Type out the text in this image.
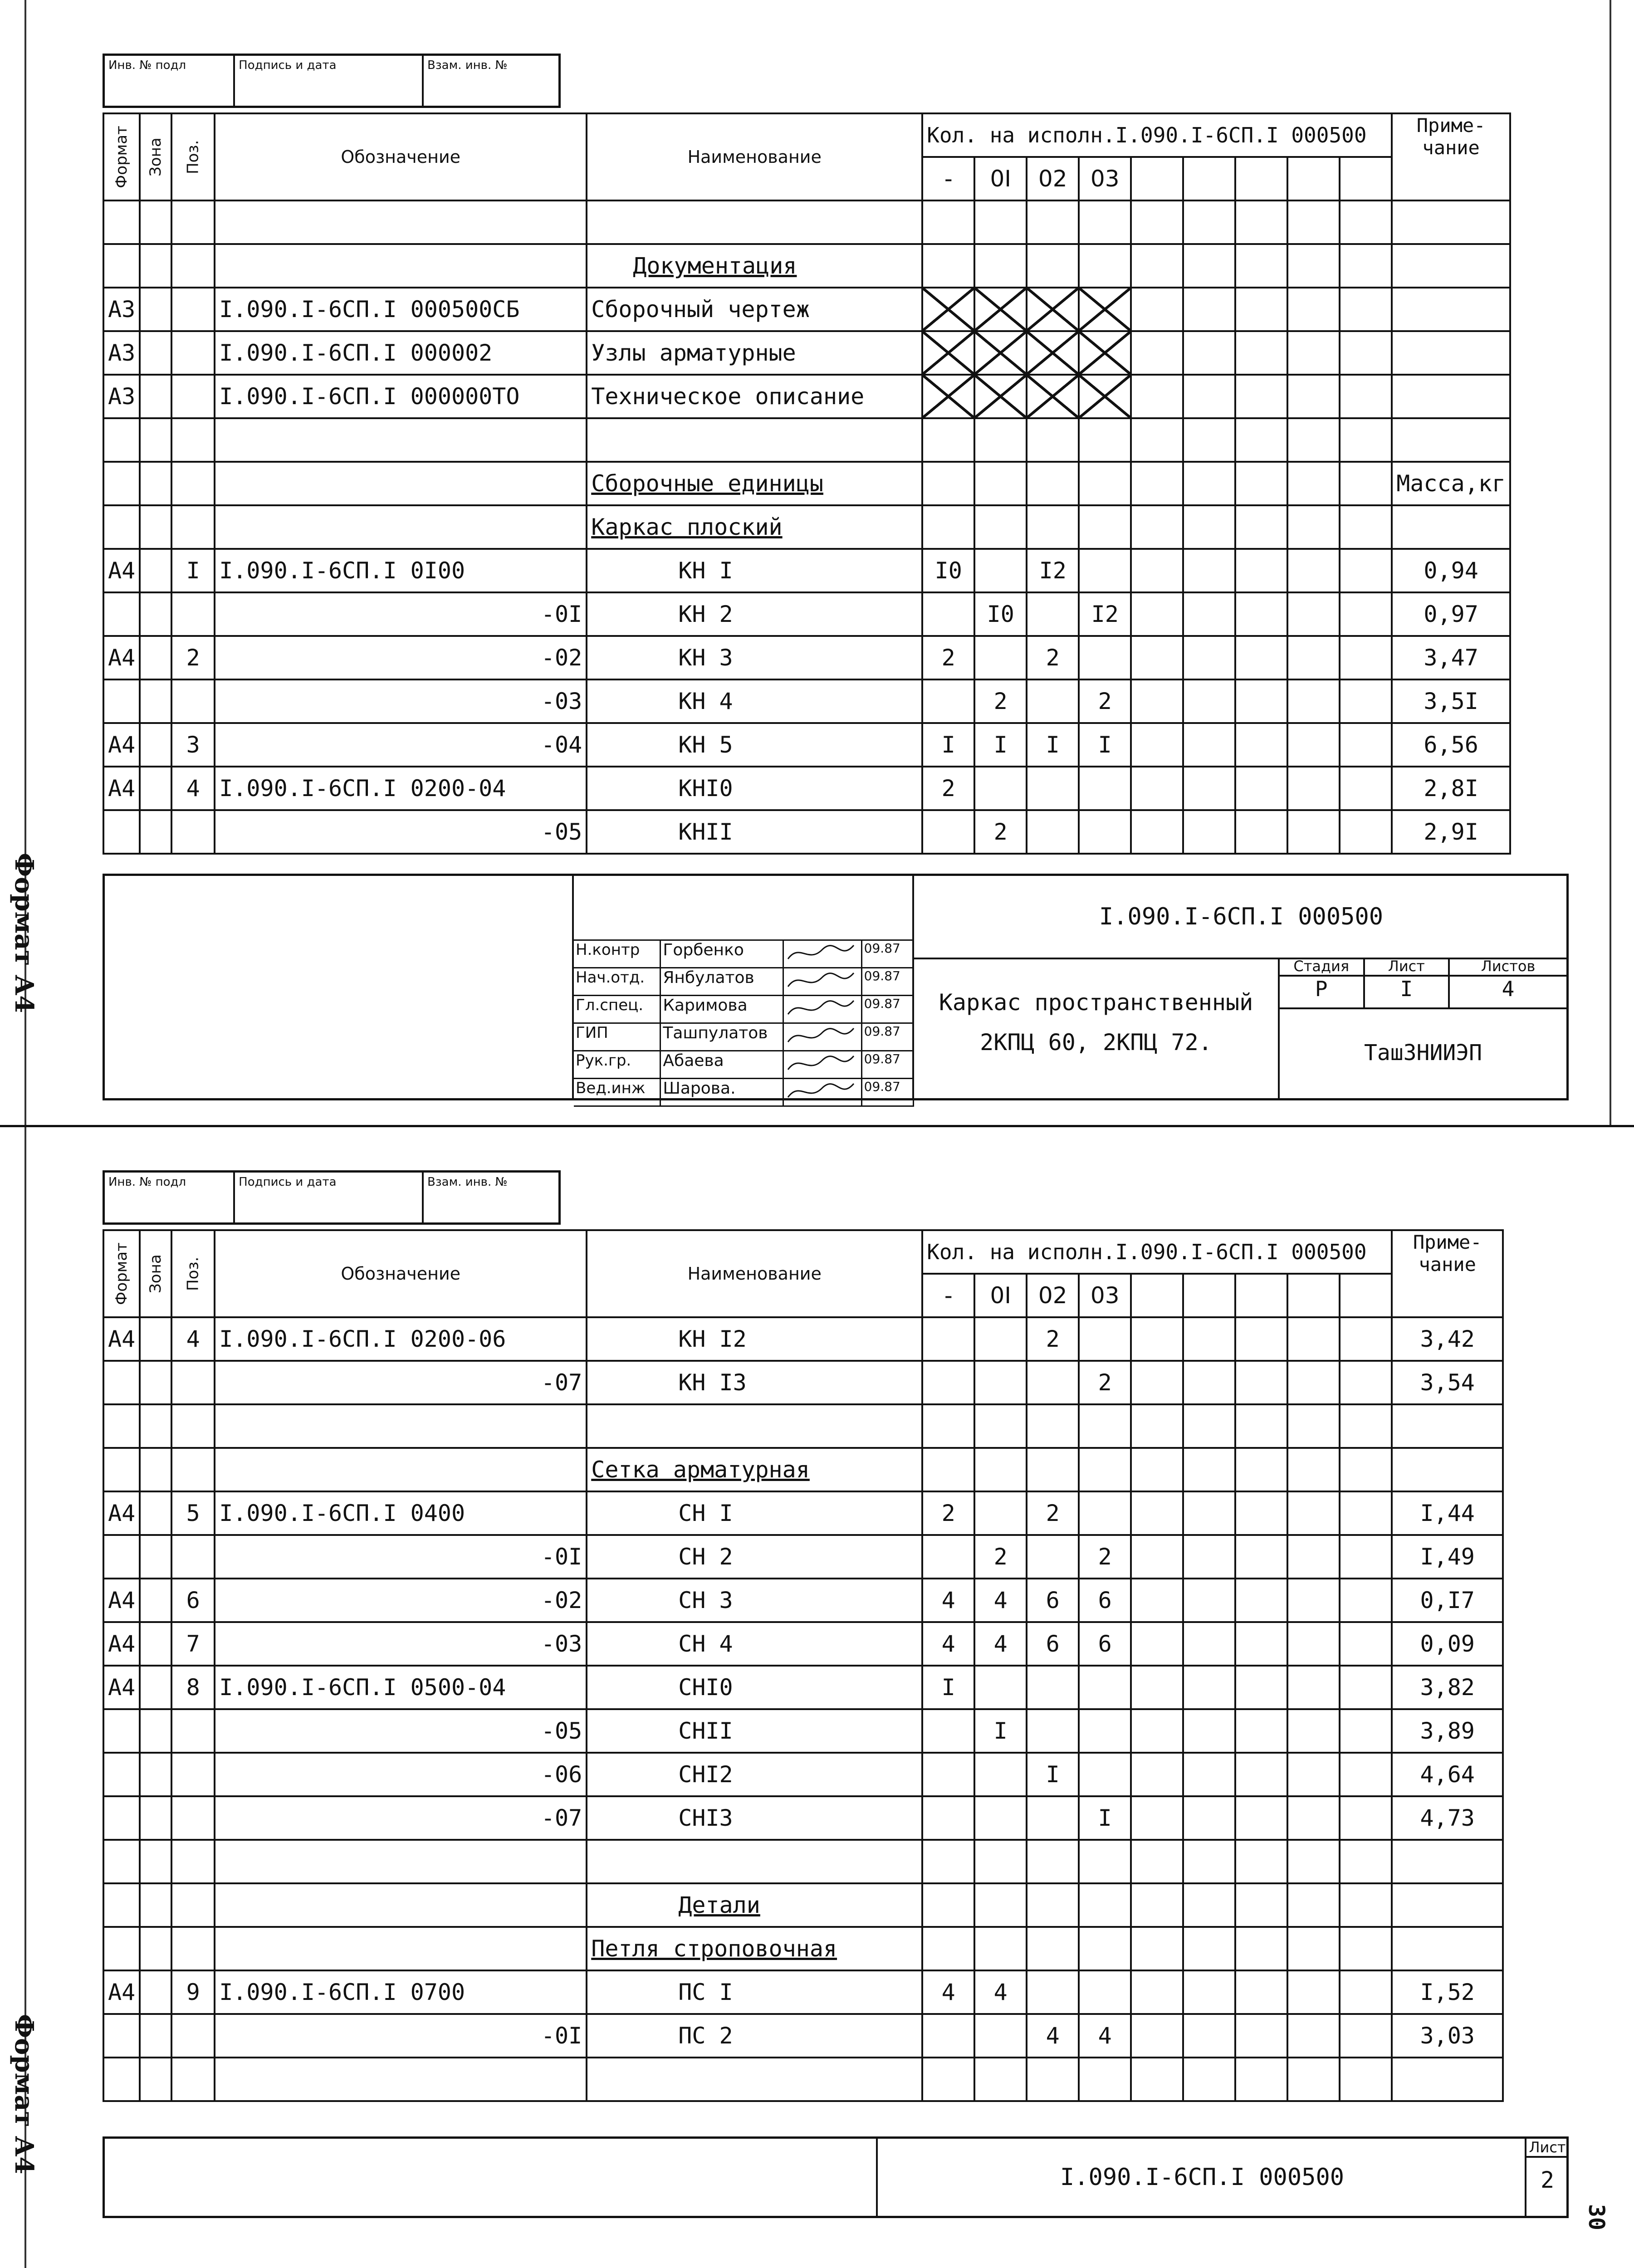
Формат А4
Формат А4
30
Инв. № подл	Подпись и дата	Взам. инв. №
Формат	Зона	Поз.	Обозначение	Наименование	Кол. на исполн.I.090.I-6СП.I 000500									Приме-чание
					-	0I	02	03						

				Документация										
А3			I.090.I-6СП.I 000500СБ	Сборочный чертеж										
А3			I.090.I-6СП.I 000002	Узлы арматурные										
А3			I.090.I-6СП.I 000000ТО	Техническое описание										

				Сборочные единицы										Масса,кг
				Каркас плоский										
А4		I	I.090.I-6СП.I 0I00	КН I	I0		I2							0,94
			-0I	КН 2		I0		I2						0,97
А4		2	-02	КН 3	2		2							3,47
			-03	КН 4		2		2						3,5I
А4		3	-04	КН 5	I	I	I	I						6,56
А4		4	I.090.I-6СП.I 0200-04	КНI0	2									2,8I
			-05	КНII		2								2,9I
Н.контр	Горбенко	09.87
Нач.отд.	Янбулатов	09.87
Гл.спец.	Каримова	09.87
ГИП	Ташпулатов	09.87
Рук.гр.	Абаева	09.87
Вед.инж	Шарова.	09.87
I.090.I-6СП.I 000500
Каркас пространственный
2КПЦ 60, 2КПЦ 72.
Стадия
Р
Лист
I
Листов
4
ТашЗНИИЭП
Инв. № подл	Подпись и дата	Взам. инв. №
Формат	Зона	Поз.	Обозначение	Наименование	Кол. на исполн.I.090.I-6СП.I 000500									Приме-чание
					-	0I	02	03						
А4		4	I.090.I-6СП.I 0200-06	КН I2			2							3,42
			-07	КН I3				2						3,54

				Сетка арматурная										
А4		5	I.090.I-6СП.I 0400	СН I	2		2							I,44
			-0I	СН 2		2		2						I,49
А4		6	-02	СН 3	4	4	6	6						0,I7
А4		7	-03	СН 4	4	4	6	6						0,09
А4		8	I.090.I-6СП.I 0500-04	СНI0	I									3,82
			-05	СНII		I								3,89
			-06	СНI2			I							4,64
			-07	СНI3				I						4,73

				Детали										
				Петля строповочная										
А4		9	I.090.I-6СП.I 0700	ПС I	4	4								I,52
			-0I	ПС 2			4	4						3,03

I.090.I-6СП.I 000500
Лист
2
